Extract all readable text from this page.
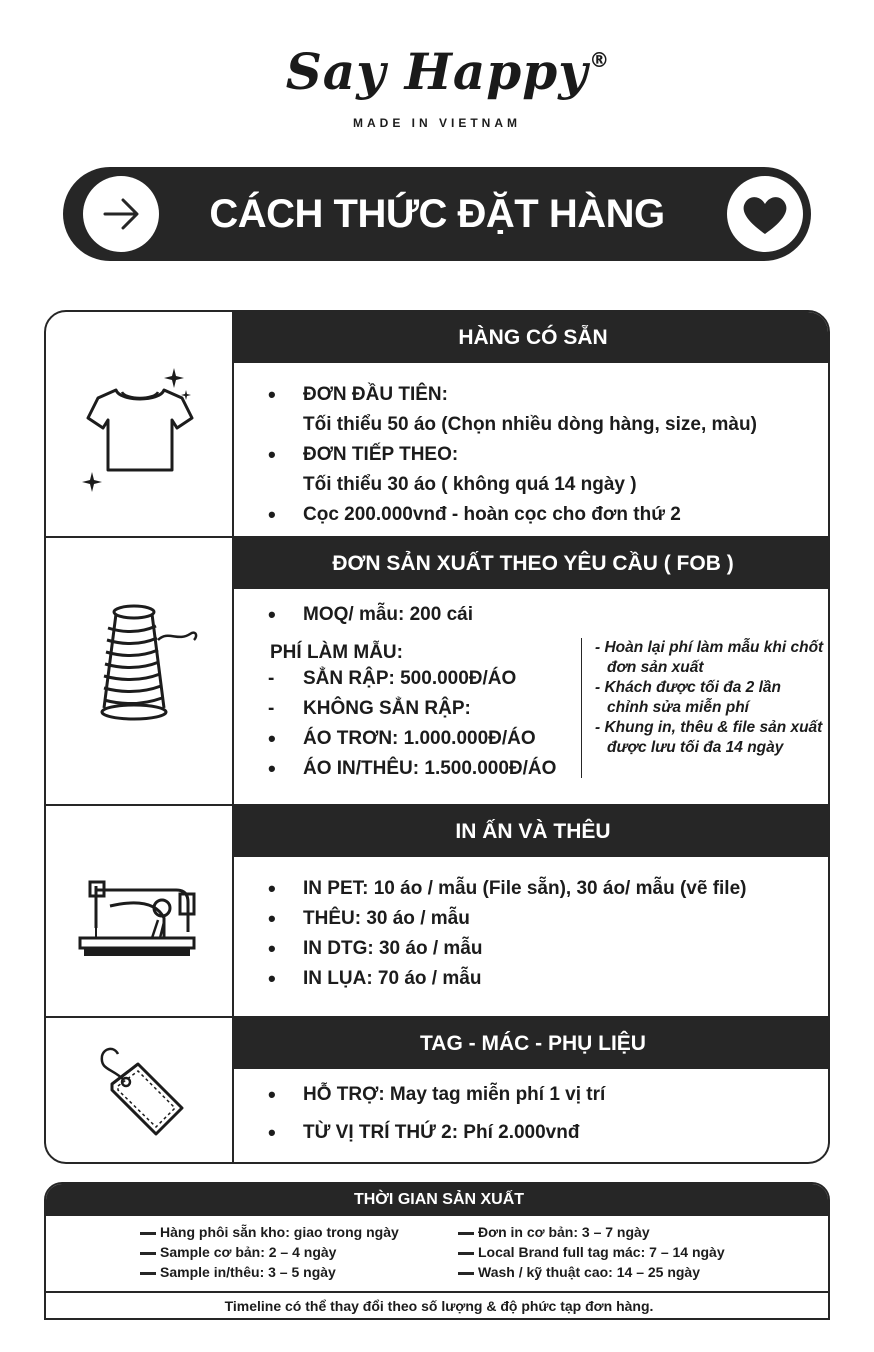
Say Happy ®
MADE IN VIETNAM
CÁCH THỨC ĐẶT HÀNG
HÀNG CÓ SẴN
• ĐƠN ĐẦU TIÊN:
Tối thiểu 50 áo (Chọn nhiều dòng hàng, size, màu)
• ĐƠN TIẾP THEO:
Tối thiểu 30 áo ( không quá 14 ngày )
• Cọc 200.000vnđ - hoàn cọc cho đơn thứ 2
ĐƠN SẢN XUẤT THEO YÊU CẦU ( FOB )
• MOQ/ mẫu: 200 cái
PHÍ LÀM MẪU:
- SẲN RẬP: 500.000Đ/ÁO
- KHÔNG SẲN RẬP:
• ÁO TRƠN: 1.000.000Đ/ÁO
• ÁO IN/THÊU: 1.500.000Đ/ÁO

- Hoàn lại phí làm mẫu khi chốt đơn sản xuất

- Khách được tối đa 2 lần chỉnh sửa miễn phí

- Khung in, thêu & file sản xuất được lưu tối đa 14 ngày

IN ẤN VÀ THÊU
• IN PET: 10 áo / mẫu (File sẵn), 30 áo/ mẫu (vẽ file)
• THÊU: 30 áo / mẫu
• IN DTG: 30 áo / mẫu
• IN LỤA: 70 áo / mẫu
TAG - MÁC - PHỤ LIỆU
• HỖ TRỢ: May tag miễn phí 1 vị trí
• TỪ VỊ TRÍ THỨ 2: Phí 2.000vnđ
THỜI GIAN SẢN XUẤT
Hàng phôi sẵn kho: giao trong ngày
Sample cơ bản: 2 – 4 ngày
Sample in/thêu: 3 – 5 ngày
Đơn in cơ bản: 3 – 7 ngày
Local Brand full tag mác: 7 – 14 ngày
Wash / kỹ thuật cao: 14 – 25 ngày
Timeline có thể thay đổi theo số lượng & độ phức tạp đơn hàng.
